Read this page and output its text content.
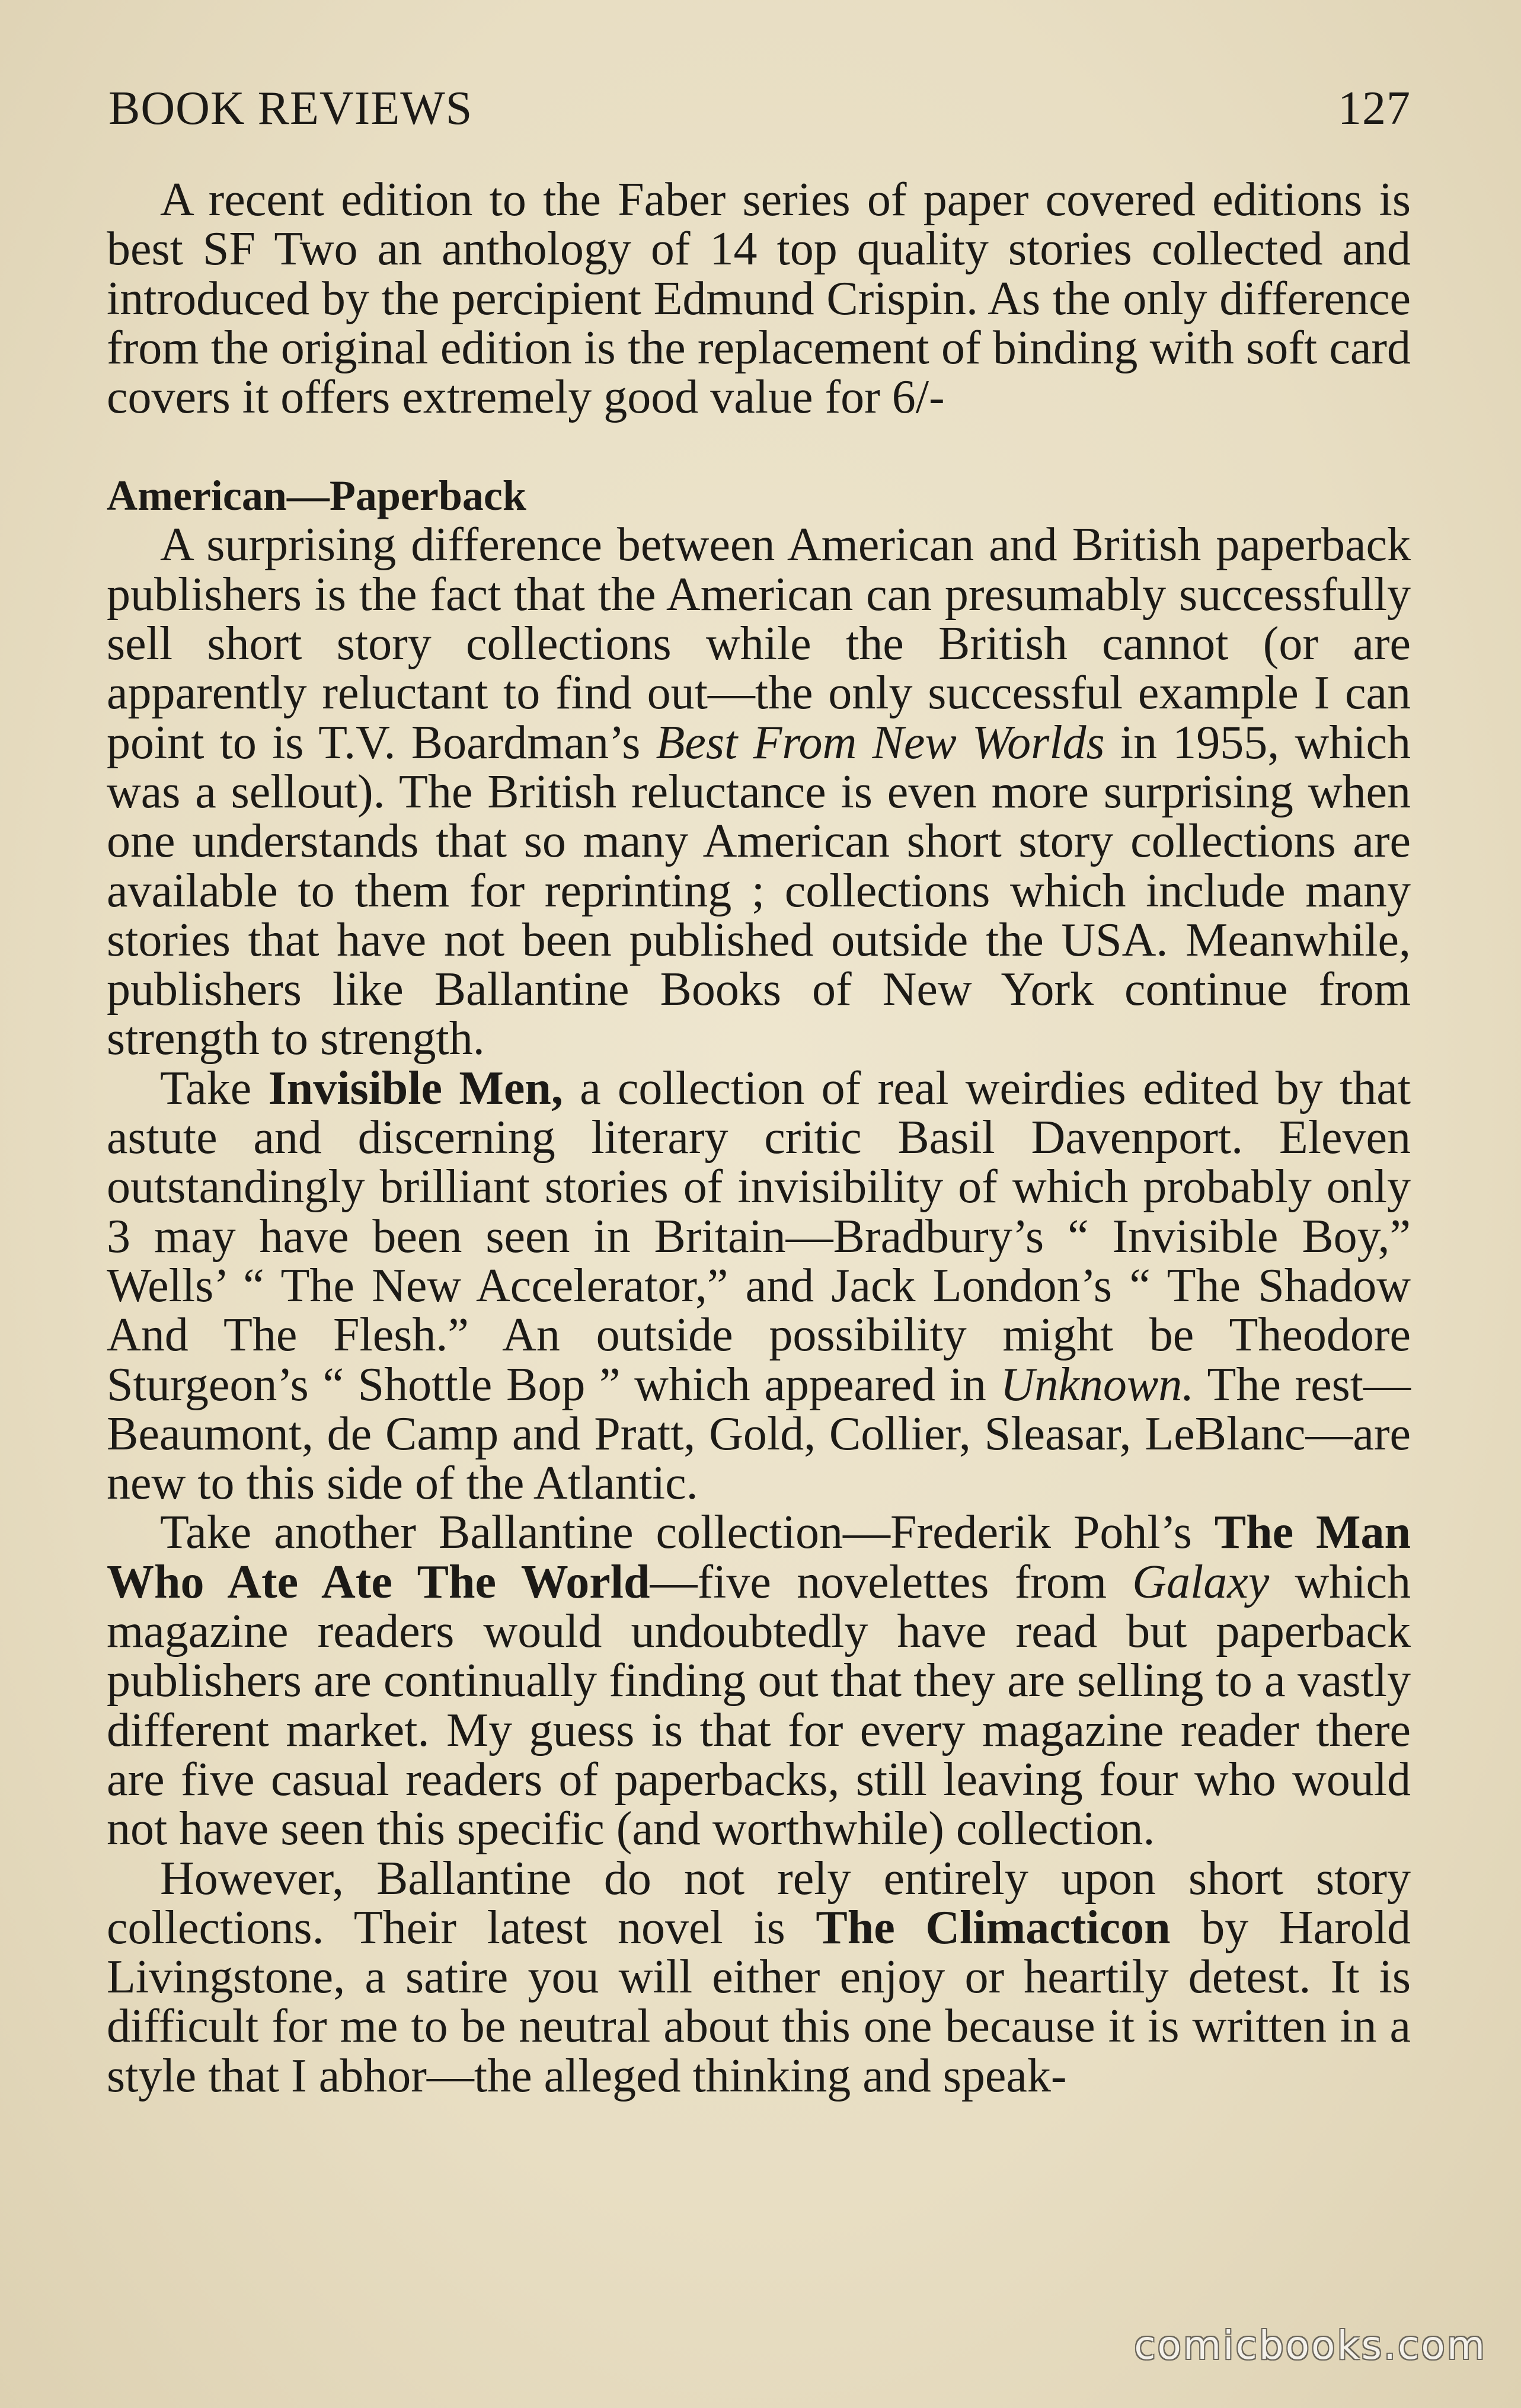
BOOK REVIEWS	127

A recent edition to the Faber series of paper covered editions is best SF Two an anthology of 14 top quality stories collected and introduced by the percipient Edmund Crispin. As the only difference from the original edition is the replacement of binding with soft card covers it offers extremely good value for 6/-

American—Paperback

A surprising difference between American and British paperback publishers is the fact that the American can presumably successfully sell short story collections while the British cannot (or are apparently reluctant to find out—the only successful example I can point to is T.V. Boardman’s Best From New Worlds in 1955, which was a sellout). The British reluctance is even more surprising when one understands that so many American short story collections are available to them for reprinting ; collections which include many stories that have not been published outside the USA. Meanwhile, publishers like Ballantine Books of New York continue from strength to strength.

Take Invisible Men, a collection of real weirdies edited by that astute and discerning literary critic Basil Davenport. Eleven outstandingly brilliant stories of invisibility of which probably only 3 may have been seen in Britain—Bradbury’s “ Invisible Boy,” Wells’ “ The New Accelerator,” and Jack London’s “ The Shadow And The Flesh.” An outside possibility might be Theodore Sturgeon’s “ Shottle Bop ” which appeared in Unknown. The rest—Beaumont, de Camp and Pratt, Gold, Collier, Sleasar, LeBlanc—are new to this side of the Atlantic.

Take another Ballantine collection—Frederik Pohl’s The Man Who Ate Ate The World—five novelettes from Galaxy which magazine readers would undoubtedly have read but paperback publishers are continually finding out that they are selling to a vastly different market. My guess is that for every magazine reader there are five casual readers of paperbacks, still leaving four who would not have seen this specific (and worthwhile) collection.

However, Ballantine do not rely entirely upon short story collections. Their latest novel is The Climacticon by Harold Livingstone, a satire you will either enjoy or heartily detest. It is difficult for me to be neutral about this one because it is written in a style that I abhor—the alleged thinking and speak-

comicbooks.com
